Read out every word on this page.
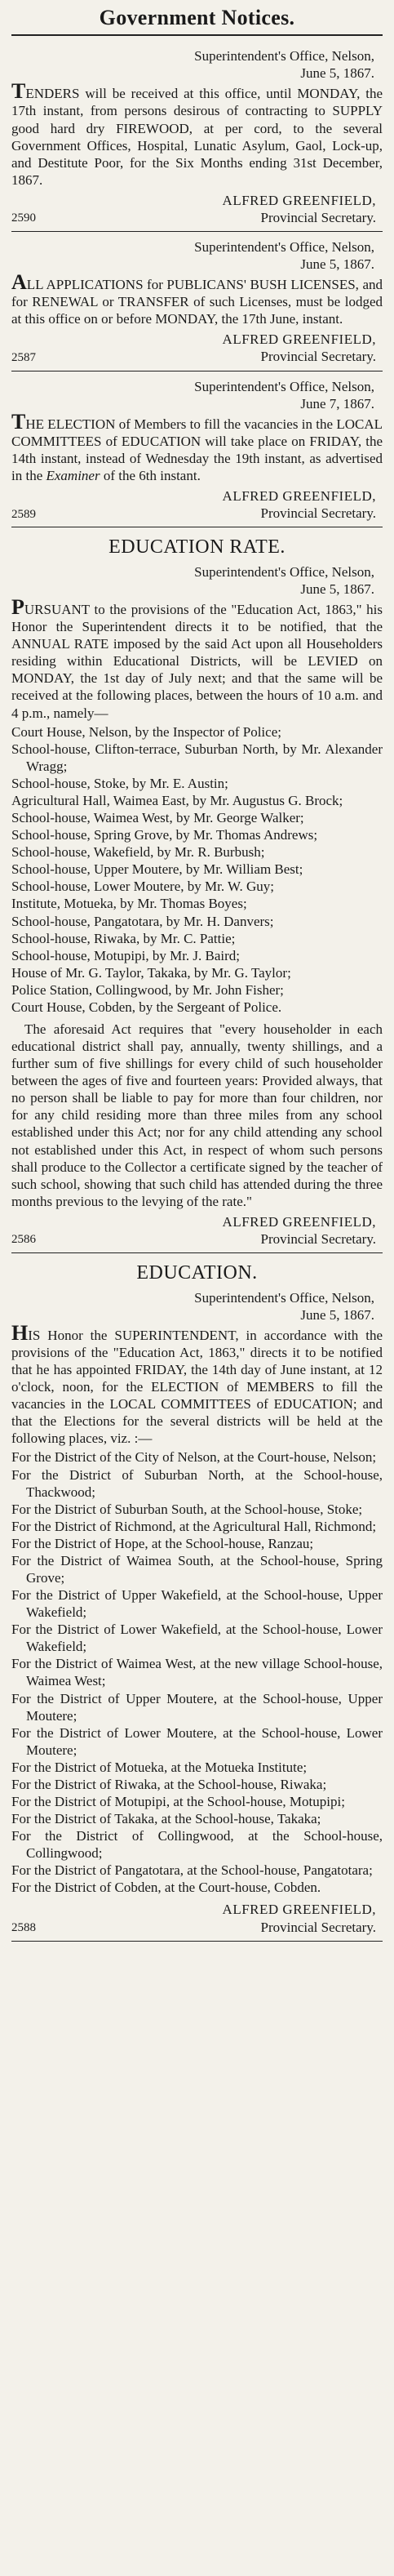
Government Notices.
Superintendent's Office, Nelson,
June 5, 1867.
TENDERS will be received at this office, until MONDAY, the 17th instant, from persons desirous of contracting to SUPPLY good hard dry FIREWOOD, at per cord, to the several Government Offices, Hospital, Lunatic Asylum, Gaol, Lock-up, and Destitute Poor, for the Six Months ending 31st December, 1867.
2590
ALFRED GREENFIELD,
Provincial Secretary.
Superintendent's Office, Nelson,
June 5, 1867.
ALL APPLICATIONS for PUBLICANS' BUSH LICENSES, and for RENEWAL or TRANSFER of such Licenses, must be lodged at this office on or before MONDAY, the 17th June, instant.
2587
ALFRED GREENFIELD,
Provincial Secretary.
Superintendent's Office, Nelson,
June 7, 1867.
THE ELECTION of Members to fill the vacancies in the LOCAL COMMITTEES of EDUCATION will take place on FRIDAY, the 14th instant, instead of Wednesday the 19th instant, as advertised in the Examiner of the 6th instant.
2589
ALFRED GREENFIELD,
Provincial Secretary.
EDUCATION RATE.
Superintendent's Office, Nelson,
June 5, 1867.

PURSUANT to the provisions of the "Education Act, 1863," his Honor the Superintendent directs it to be notified, that the ANNUAL RATE imposed by the said Act upon all Householders residing within Educational Districts, will be LEVIED on MONDAY, the 1st day of July next; and that the same will be received at the following places, between the hours of 10 a.m. and 4 p.m., namely—

Court House, Nelson, by the Inspector of Police;
School-house, Clifton-terrace, Suburban North, by Mr. Alexander Wragg;
School-house, Stoke, by Mr. E. Austin;
Agricultural Hall, Waimea East, by Mr. Augustus G. Brock;
School-house, Waimea West, by Mr. George Walker;
School-house, Spring Grove, by Mr. Thomas Andrews;
School-house, Wakefield, by Mr. R. Burbush;
School-house, Upper Moutere, by Mr. William Best;
School-house, Lower Moutere, by Mr. W. Guy;
Institute, Motueka, by Mr. Thomas Boyes;
School-house, Pangatotara, by Mr. H. Danvers;
School-house, Riwaka, by Mr. C. Pattie;
School-house, Motupipi, by Mr. J. Baird;
House of Mr. G. Taylor, Takaka, by Mr. G. Taylor;
Police Station, Collingwood, by Mr. John Fisher;
Court House, Cobden, by the Sergeant of Police.

The aforesaid Act requires that "every householder in each educational district shall pay, annually, twenty shillings, and a further sum of five shillings for every child of such householder between the ages of five and fourteen years: Provided always, that no person shall be liable to pay for more than four children, nor for any child residing more than three miles from any school established under this Act; nor for any child attending any school not established under this Act, in respect of whom such persons shall produce to the Collector a certificate signed by the teacher of such school, showing that such child has attended during the three months previous to the levying of the rate."

2586
ALFRED GREENFIELD,
Provincial Secretary.
EDUCATION.
Superintendent's Office, Nelson,
June 5, 1867.

HIS Honor the SUPERINTENDENT, in accordance with the provisions of the "Education Act, 1863," directs it to be notified that he has appointed FRIDAY, the 14th day of June instant, at 12 o'clock, noon, for the ELECTION of MEMBERS to fill the vacancies in the LOCAL COMMITTEES of EDUCATION; and that the Elections for the several districts will be held at the following places, viz. :—

For the District of the City of Nelson, at the Court-house, Nelson;
For the District of Suburban North, at the School-house, Thackwood;
For the District of Suburban South, at the School-house, Stoke;
For the District of Richmond, at the Agricultural Hall, Richmond;
For the District of Hope, at the School-house, Ranzau;
For the District of Waimea South, at the School-house, Spring Grove;
For the District of Upper Wakefield, at the School-house, Upper Wakefield;
For the District of Lower Wakefield, at the School-house, Lower Wakefield;
For the District of Waimea West, at the new village School-house, Waimea West;
For the District of Upper Moutere, at the School-house, Upper Moutere;
For the District of Lower Moutere, at the School-house, Lower Moutere;
For the District of Motueka, at the Motueka Institute;
For the District of Riwaka, at the School-house, Riwaka;
For the District of Motupipi, at the School-house, Motupipi;
For the District of Takaka, at the School-house, Takaka;
For the District of Collingwood, at the School-house, Collingwood;
For the District of Pangatotara, at the School-house, Pangatotara;
For the District of Cobden, at the Court-house, Cobden.
2588
ALFRED GREENFIELD,
Provincial Secretary.
